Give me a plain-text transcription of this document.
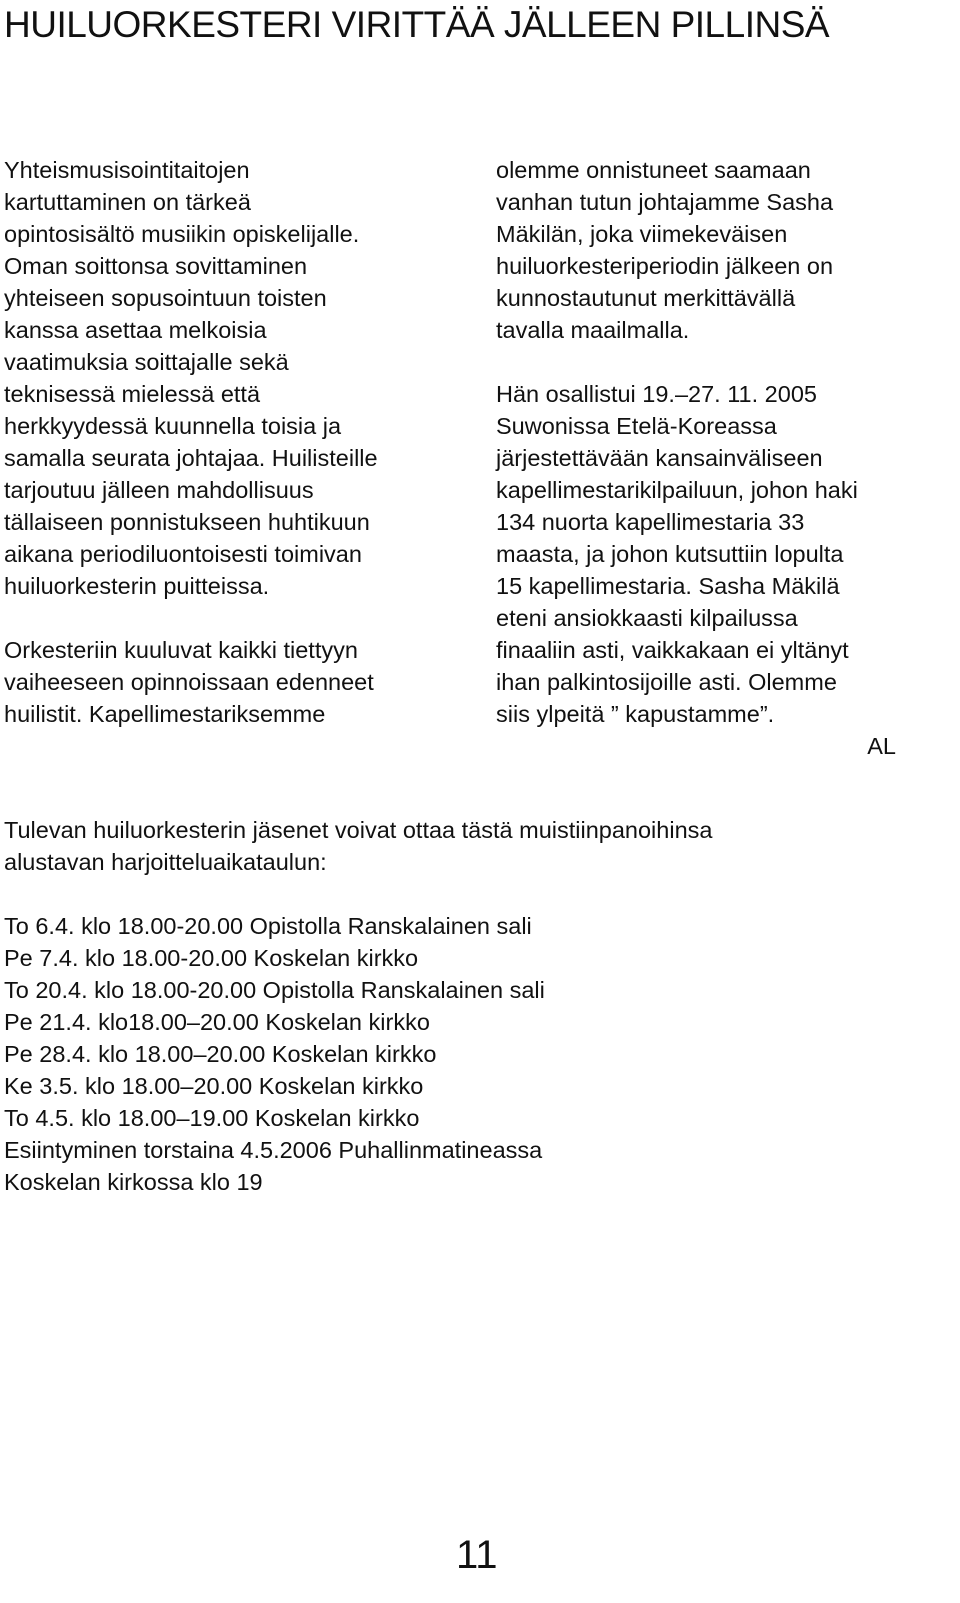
HUILUORKESTERI VIRITTÄÄ JÄLLEEN PILLINSÄ

Yhteismusisointitaitojen
kartuttaminen on tärkeä
opintosisältö musiikin opiskelijalle.
Oman soittonsa sovittaminen
yhteiseen sopusointuun toisten
kanssa asettaa melkoisia
vaatimuksia soittajalle sekä
teknisessä mielessä että
herkkyydessä kuunnella toisia ja
samalla seurata johtajaa. Huilisteille
tarjoutuu jälleen mahdollisuus
tällaiseen ponnistukseen huhtikuun
aikana periodiluontoisesti toimivan
huiluorkesterin puitteissa.

Orkesteriin kuuluvat kaikki tiettyyn
vaiheeseen opinnoissaan edenneet
huilistit. Kapellimestariksemme

olemme onnistuneet saamaan
vanhan tutun johtajamme Sasha
Mäkilän, joka viimekeväisen
huiluorkesteriperiodin jälkeen on
kunnostautunut merkittävällä
tavalla maailmalla.

Hän osallistui 19.–27. 11. 2005
Suwonissa Etelä-Koreassa
järjestettävään kansainväliseen
kapellimestarikilpailuun, johon haki
134 nuorta kapellimestaria 33
maasta, ja johon kutsuttiin lopulta
15 kapellimestaria. Sasha Mäkilä
eteni ansiokkaasti kilpailussa
finaaliin asti, vaikkakaan ei yltänyt
ihan palkintosijoille asti. Olemme
siis ylpeitä ” kapustamme”.
AL

Tulevan huiluorkesterin jäsenet voivat ottaa tästä muistiinpanoihinsa
alustavan harjoitteluaikataulun:

To 6.4. klo 18.00-20.00 Opistolla Ranskalainen sali
Pe 7.4. klo 18.00-20.00 Koskelan kirkko
To 20.4. klo 18.00-20.00 Opistolla Ranskalainen sali
Pe 21.4. klo18.00–20.00 Koskelan kirkko
Pe 28.4. klo 18.00–20.00 Koskelan kirkko
Ke 3.5. klo 18.00–20.00 Koskelan kirkko
To 4.5. klo 18.00–19.00 Koskelan kirkko
Esiintyminen torstaina 4.5.2006 Puhallinmatineassa
Koskelan kirkossa klo 19
11
